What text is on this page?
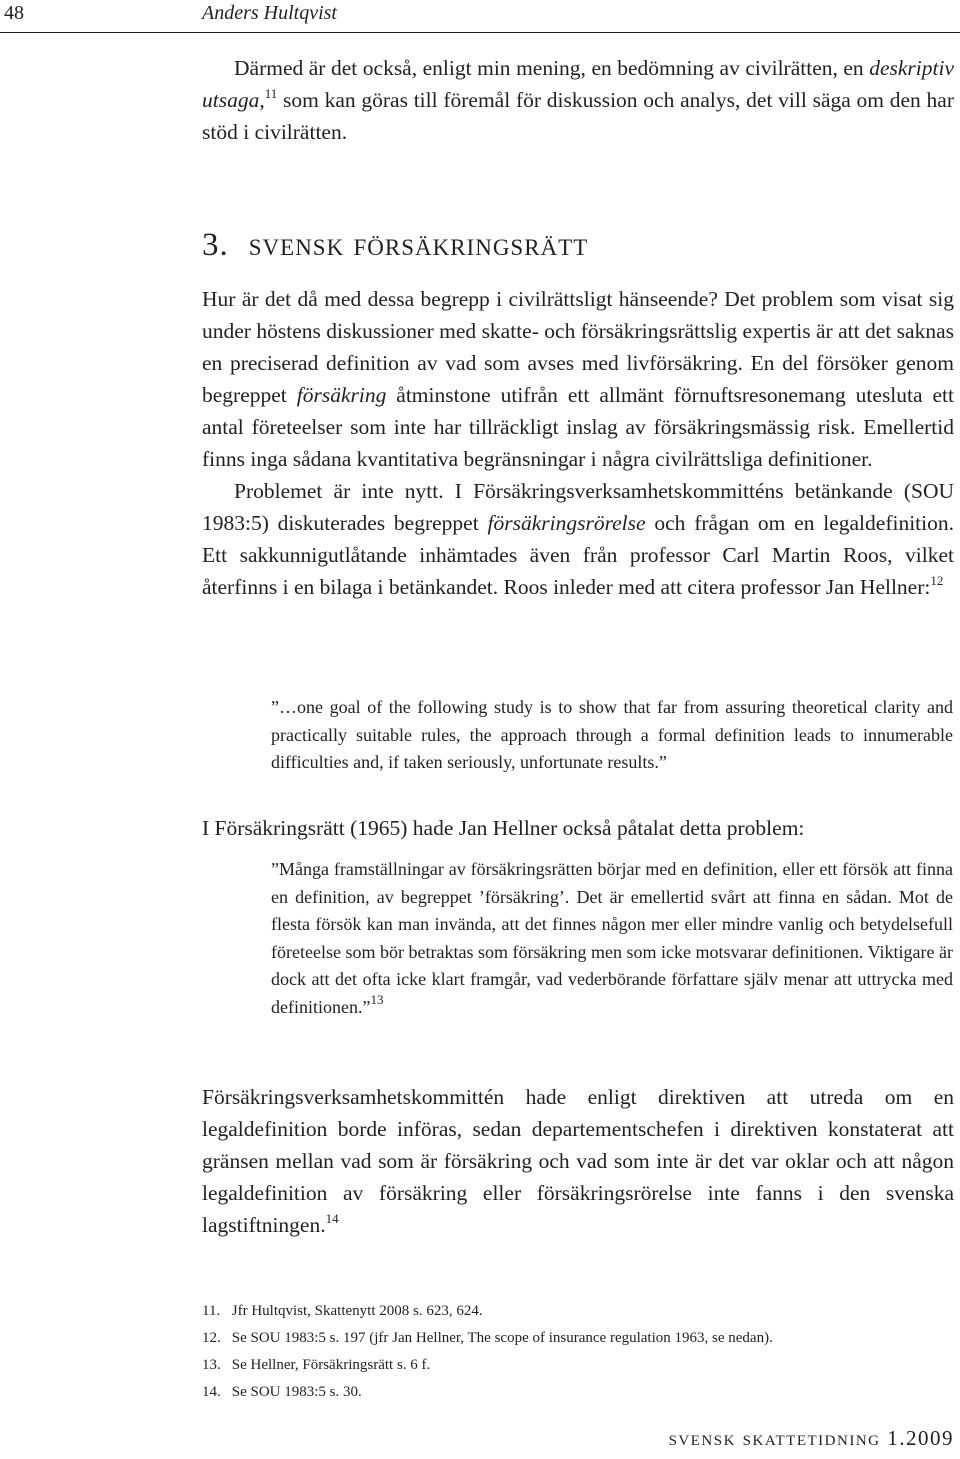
48	Anders Hultqvist

Därmed är det också, enligt min mening, en bedömning av civilrätten, en deskriptiv utsaga,$^{11}$ som kan göras till föremål för diskussion och analys, det vill säga om den har stöd i civilrätten.

3. svensk försäkringsrätt

Hur är det då med dessa begrepp i civilrättsligt hänseende? Det problem som visat sig under höstens diskussioner med skatte- och försäkringsrättslig expertis är att det saknas en preciserad definition av vad som avses med livförsäkring. En del försöker genom begreppet försäkring åtminstone utifrån ett allmänt förnuftsresonemang utesluta ett antal företeelser som inte har tillräckligt inslag av försäkringsmässig risk. Emellertid finns inga sådana kvantitativa begränsningar i några civilrättsliga definitioner.

Problemet är inte nytt. I Försäkringsverksamhetskommitténs betänkande (SOU 1983:5) diskuterades begreppet försäkringsrörelse och frågan om en legaldefinition. Ett sakkunnigutlåtande inhämtades även från professor Carl Martin Roos, vilket återfinns i en bilaga i betänkandet. Roos inleder med att citera professor Jan Hellner:$^{12}$

”…one goal of the following study is to show that far from assuring theoretical clarity and practically suitable rules, the approach through a formal definition leads to innumerable difficulties and, if taken seriously, unfortunate results.”

I Försäkringsrätt (1965) hade Jan Hellner också påtalat detta problem:

”Många framställningar av försäkringsrätten börjar med en definition, eller ett försök att finna en definition, av begreppet ’försäkring’. Det är emellertid svårt att finna en sådan. Mot de flesta försök kan man invända, att det finnes någon mer eller mindre vanlig och betydelsefull företeelse som bör betraktas som försäkring men som icke motsvarar definitionen. Viktigare är dock att det ofta icke klart framgår, vad vederbörande författare själv menar att uttrycka med definitionen.”$^{13}$

Försäkringsverksamhetskommittén hade enligt direktiven att utreda om en legaldefinition borde införas, sedan departementschefen i direktiven konstaterat att gränsen mellan vad som är försäkring och vad som inte är det var oklar och att någon legaldefinition av försäkring eller försäkringsrörelse inte fanns i den svenska lagstiftningen.$^{14}$

11. Jfr Hultqvist, Skattenytt 2008 s. 623, 624.
12. Se SOU 1983:5 s. 197 (jfr Jan Hellner, The scope of insurance regulation 1963, se nedan).
13. Se Hellner, Försäkringsrätt s. 6 f.
14. Se SOU 1983:5 s. 30.
svensk skattetidning 1.2009
